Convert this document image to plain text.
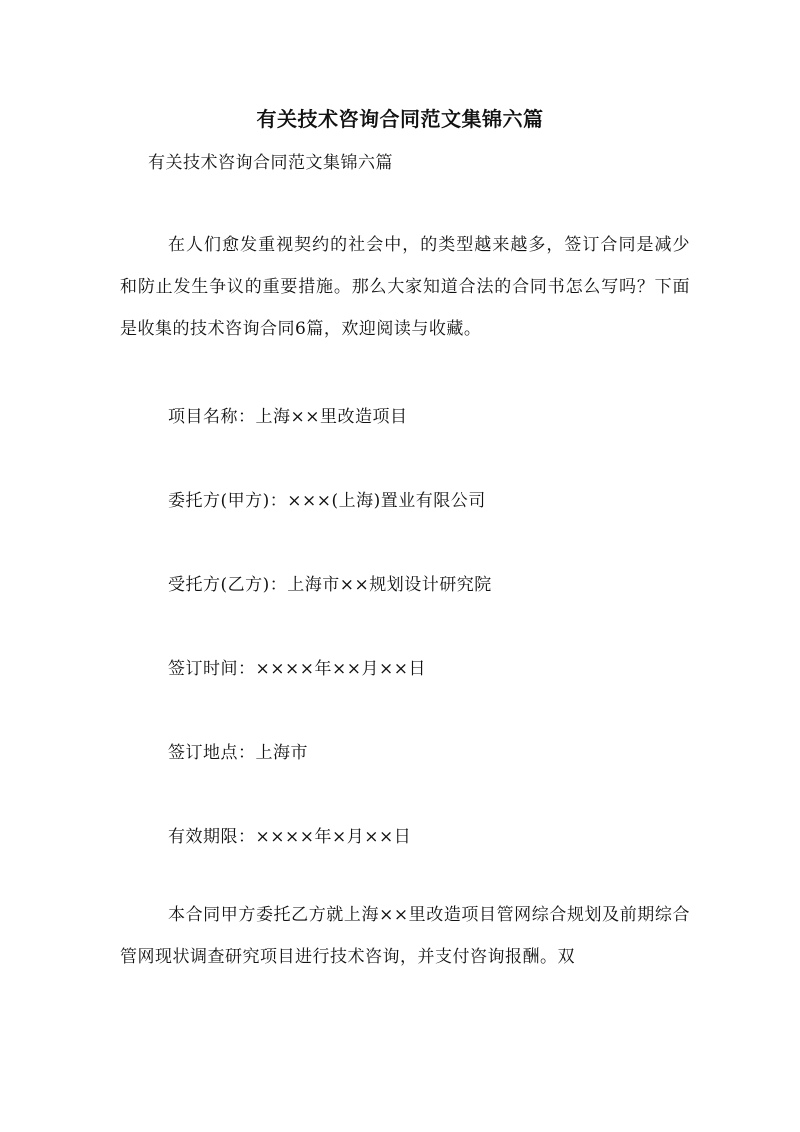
有关技术咨询合同范文集锦六篇
有关技术咨询合同范文集锦六篇
在人们愈发重视契约的社会中，的类型越来越多，签订合同是减少和防止发生争议的重要措施。那么大家知道合法的合同书怎么写吗？下面是收集的技术咨询合同6篇，欢迎阅读与收藏。
项目名称：上海××里改造项目
委托方(甲方)：×××(上海)置业有限公司
受托方(乙方)：上海市××规划设计研究院
签订时间：××××年××月××日
签订地点：上海市
有效期限：××××年×月××日
本合同甲方委托乙方就上海××里改造项目管网综合规划及前期综合管网现状调查研究项目进行技术咨询，并支付咨询报酬。双
